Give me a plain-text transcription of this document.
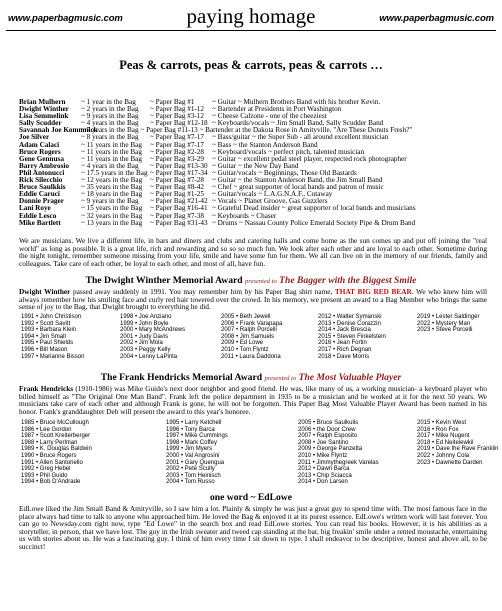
www.paperbagmusic.com	paying homage	www.paperbagmusic.com
Peas & carrots, peas & carrots, peas & carrots …
Brian Mulhern ~ 1 year in the Bag ~ Paper Bag #1 ~ Guitar ~ Mulhern Brothers Band with his brother Kevin.
Dwight Winther ~ 2 years in the Bag ~ Paper Bag #1-12 ~ Bartender at Presidents in Port Washington
Lisa Semmelink ~ 9 years in the Bag ~ Paper Bag #3-12 ~ Cheese Calzone - one of the cheeziest
Sally Scudder	~ 4 years in the Bag ~ Paper Bag #12-18 ~ Keyboards/vocals ~ Jim Small Band, Sally Scudder Band
Savannah Joe Kommnick
~ 7 years in the Bag ~ Paper Bag #11-13 ~ Bartender at the Dakota Rose in Amityville. "Are These Donuts Fresh?"
Joe Silver	~ 8 years in the Bag ~ Paper Bag #7-17 ~ Bass/guitar ~ the Super Sub - all around excellent musician
Adam Calaci	~ 11 years in the Bag ~ Paper Bag #7-17 ~ Bass ~ the Stanton Anderson Band
Bruce Rogers	~ 11 years in the Bag ~ Paper Bag #2-28 ~ Keyboard/vocals ~ perfect pitch, talented musician
Gene Gennusa ~ 11 years in the Bag ~ Paper Bag #3-29 ~ Guitar ~ excellent pedal steel player, respected rock photographer
Barry Ambrosio ~ 4 years in the Bag ~ Paper Bag #13-30 ~ Guitar ~ the New Day Band
Phil Antonucci ~ 17.5 years in the Bag ~ Paper Bag #17-34 ~ Guitar/vocals ~ Beginnings, Those Old Bastards
Rick Silecchio	~ 12 years in the Bag ~ Paper Bag #7-28 ~ Guitar ~ the Stanton Anderson Band, the Jim Small Band
Bruce Saulkkis ~ 35 years in the Bag ~ Paper Bag #8-42 ~ Chef ~ great supporter of local bands and patron of music
Eddie Caruci	~ 18 years in the Bag ~ Paper Bag #1-25 ~ Guitar/vocals ~ L.A.G.N.A.F., Cutaway
Donnie Prager ~ 9 years in the Bag ~ Paper Bag #21-42 ~ Vocals ~ Planet Groove, Gas Guzzlers
Lani Roye	~ 15 years in the Bag ~ Paper Bag #16-41 ~ Grateful Dead insider ~ great supporter of local bands and musicians
Eddie Lesco	~ 32 years in the Bag ~ Paper Bag #7-38 ~ Keyboards ~ Chaser
Mike Bartlett	~ 13 years in the Bag ~ Paper Bag #31-43 ~ Drums ~ Nassau County Police Emerald Society Pipe & Drum Band

We are musicians. We live a different life, in bars and diners and clubs and catering halls and come home as the sun comes up and put off joining the "real world" as long as possible. It is a great life, rich and rewarding and so so so much fun. We look after each other and are loyal to each other. Sometime during the night tonight, remember someone missing from your life, smile and have some fun for them. We all can live on in the memory of our friends, family and colleagues. Take care of each other, be loyal to each other, and most of all, have fun.

The Dwight Winther Memorial Award presented to The Bagger with the Biggest Smile

Dwight Winther passed away suddenly in 1991. You may remember him by his Paper Bag shirt name, THAT BIG RED BEAR. We who knew him will always remember how his smiling face and curly red hair towered over the crowd. In his memory, we present an award to a Bag Member who brings the same sense of joy to the Bag, that Dwight brought to everything he did.

1991 • John Christison
1992 • Scott Savitt
1993 • Barbara Klein
1994 • Jim Small
1995 • Paul Shields
1996 • Bill Mason
1997 • Marianne Bisson
1998 • Joe Anziano
1999 • John Boyle
2000 • Mary McAndrews
2001 • Judy Davis
2002 • Jim Mola
2003 • Peggy Kelly
2004 • Lenny LaPinta
2005 • Beth Jewell
2006 • Frank Varapapa
2007 • Ralph Porcelli
2008 • Jim Samuels
2009 • Ed Lowe
2010 • Tom Flyntz
2011 • Laura Daddona
2012 • Walter Symanski
2013 • Denise Corazzin
2014 • Jack Brescia
2015 • Steven Finkelstein
2016 • Jean Fortin
2017 • Rich Degnan
2018 • Dave Morris
2019 • Lester Saldinger
2022 • Mystery Man
2023 • Steve Porcelli
The Frank Hendricks Memorial Award presented to The Most Valuable Player

Frank Hendricks (1910-1986) was Mike Guido's next door neighbor and good friend. He was, like many of us, a working musician- a keyboard player who billed himself as "The Original One Man Band". Frank left the police department in 1935 to be a musician and he worked at it for the next 50 years. We musicians take care of each other and although Frank is gone, he will not be forgotten. This Paper Bag Most Valuable Player Award has been named in his honor. Frank's granddaughter Deb will present the award to this year's honoree.

1985 • Bruce McCullough
1986 • Lee Gordon
1987 • Scott Kreiterberger
1988 • Larry Perlman
1989 • K. Douglas Baldwin
1990 • Bruce Rogers
1991 • Allen Santoriello
1992 • Greg Hebel
1993 • Phil Guido
1994 • Bob D'Andrade
1995 • Larry Ketchell
1996 • Tony Barca
1997 • Mike Cummings
1998 • Mark Coffey
1999 • Jim Myers
2000 • Val Angrosini
2001 • Gary Quengua
2002 • Pete Scully
2003 • Tom Heinisch
2004 • Tom Russo
2005 • Bruce Saulkulis
2006 • the Door Crew
2007 • Ralph Esposito
2008 • Joe Santino
2009 • George Panzetta
2010 • Mike Flyntz
2011 • Jimmythegreek Varelas
2012 • Dawn Barca
2013 • Chip Sciacca
2014 • Don Larsen
2015 • Kevin West
2016 • Ron Fox
2017 • Mike Nugent
2018 • Ed Neitelewkil
2019 • Dave the Rave Franklin
2022 • Johnny Cola
2023 • Dawnette Darden
one word ~ EdLowe

EdLowe liked the Jim Small Band & Amityville, so I saw him a lot. Plainly & simply he was just a great guy to spend time with. The most famous face in the place always had time to talk to anyone who approached him. He loved the Bag & enjoyed it at its purest essence. EdLowe's written work will last forever. You can go to Newsday.com right now, type "Ed Lowe" in the search box and read EdLowe stories. You can read his books. However, it is his abilities as a storyteller, in person, that we have lost. The guy in the Irish sweater and tweed cap standing at the bar, big freakin' smile under a rented moustache, entertaining us with stories about us. He was a fascinating guy. I think of him every time I sit down to type. I shall endeavor to be descriptive, honest and above all, to be succinct!
